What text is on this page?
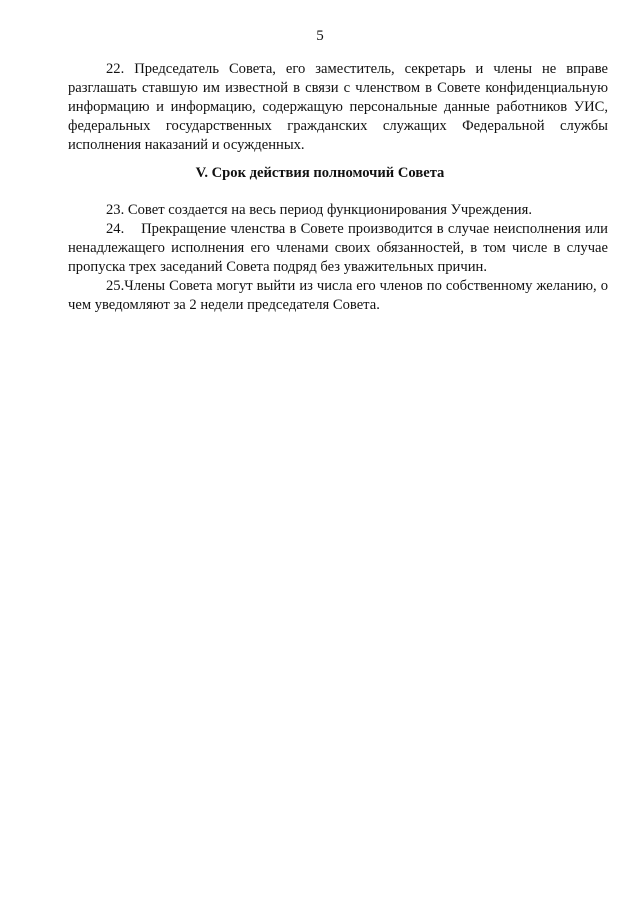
5

22. Председатель Совета, его заместитель, секретарь и члены не вправе разглашать ставшую им известной в связи с членством в Совете конфиденциальную информацию и информацию, содержащую персональные данные работников УИС, федеральных государственных гражданских служащих Федеральной службы исполнения наказаний и осужденных.

V. Срок действия полномочий Совета

23. Совет создается на весь период функционирования Учреждения.

24.    Прекращение членства в Совете производится в случае неисполнения или ненадлежащего исполнения его членами своих обязанностей, в том числе в случае пропуска трех заседаний Совета подряд без уважительных причин.

25.Члены Совета могут выйти из числа его членов по собственному желанию, о чем уведомляют за 2 недели председателя Совета.
